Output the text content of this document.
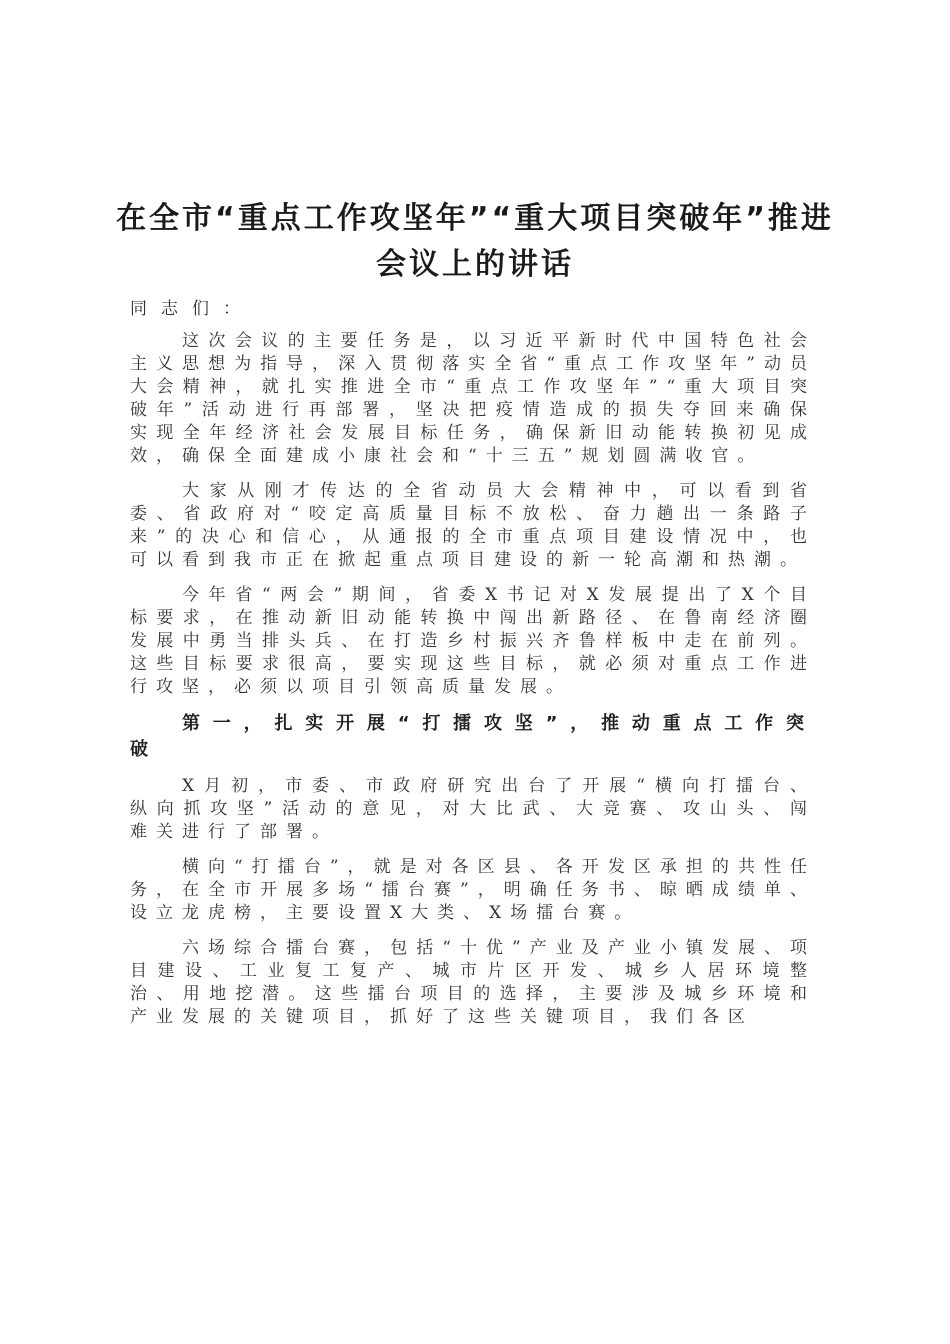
在全市“重点工作攻坚年”“重大项目突破年”推进会议上的讲话

同志们：

这次会议的主要任务是，以习近平新时代中国特色社会主义思想为指导，深入贯彻落实全省“重点工作攻坚年”动员大会精神，就扎实推进全市“重点工作攻坚年”“重大项目突破年”活动进行再部署，坚决把疫情造成的损失夺回来确保实现全年经济社会发展目标任务，确保新旧动能转换初见成效，确保全面建成小康社会和“十三五”规划圆满收官。

大家从刚才传达的全省动员大会精神中，可以看到省委、省政府对“咬定高质量目标不放松、奋力趟出一条路子来”的决心和信心，从通报的全市重点项目建设情况中，也可以看到我市正在掀起重点项目建设的新一轮高潮和热潮。

今年省“两会”期间，省委X书记对X发展提出了X个目标要求，在推动新旧动能转换中闯出新路径、在鲁南经济圈发展中勇当排头兵、在打造乡村振兴齐鲁样板中走在前列。这些目标要求很高，要实现这些目标，就必须对重点工作进行攻坚，必须以项目引领高质量发展。

第一，扎实开展“打擂攻坚”，推动重点工作突破

X月初，市委、市政府研究出台了开展“横向打擂台、纵向抓攻坚”活动的意见，对大比武、大竞赛、攻山头、闯难关进行了部署。

横向“打擂台”，就是对各区县、各开发区承担的共性任务，在全市开展多场“擂台赛”，明确任务书、晾晒成绩单、设立龙虎榜，主要设置X大类、X场擂台赛。

六场综合擂台赛，包括“十优”产业及产业小镇发展、项目建设、工业复工复产、城市片区开发、城乡人居环境整治、用地挖潜。这些擂台项目的选择，主要涉及城乡环境和产业发展的关键项目，抓好了这些关键项目，我们各区
